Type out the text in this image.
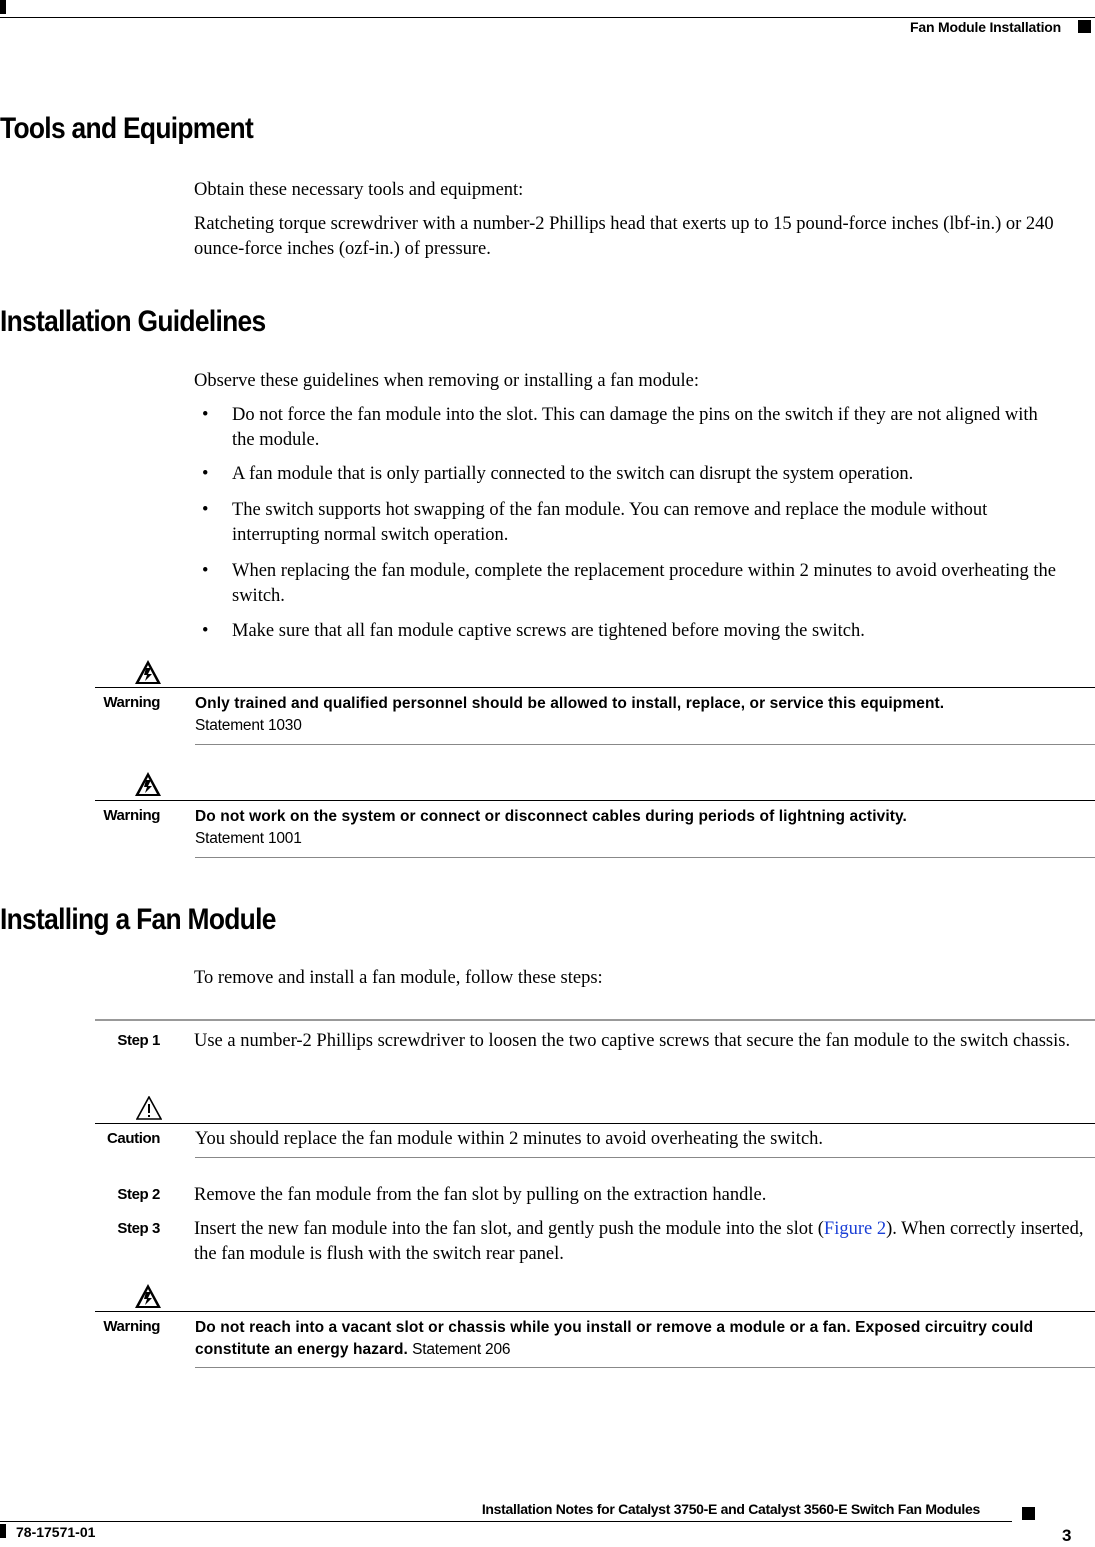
Fan Module Installation
Tools and Equipment
Obtain these necessary tools and equipment:
Ratcheting torque screwdriver with a number-2 Phillips head that exerts up to 15 pound-force inches (lbf-in.) or 240 ounce-force inches (ozf-in.) of pressure.
Installation Guidelines
Observe these guidelines when removing or installing a fan module:
• Do not force the fan module into the slot. This can damage the pins on the switch if they are not aligned with the module.
• A fan module that is only partially connected to the switch can disrupt the system operation.
• The switch supports hot swapping of the fan module. You can remove and replace the module without interrupting normal switch operation.
• When replacing the fan module, complete the replacement procedure within 2 minutes to avoid overheating the switch.
• Make sure that all fan module captive screws are tightened before moving the switch.
Warning Only trained and qualified personnel should be allowed to install, replace, or service this equipment.
Statement 1030
Warning Do not work on the system or connect or disconnect cables during periods of lightning activity.
Statement 1001
Installing a Fan Module
To remove and install a fan module, follow these steps:
Step 1 Use a number-2 Phillips screwdriver to loosen the two captive screws that secure the fan module to the switch chassis.
Caution You should replace the fan module within 2 minutes to avoid overheating the switch.
Step 2 Remove the fan module from the fan slot by pulling on the extraction handle.
Step 3 Insert the new fan module into the fan slot, and gently push the module into the slot (Figure 2). When correctly inserted, the fan module is flush with the switch rear panel.
Warning Do not reach into a vacant slot or chassis while you install or remove a module or a fan. Exposed circuitry could constitute an energy hazard. Statement 206
Installation Notes for Catalyst 3750-E and Catalyst 3560-E Switch Fan Modules
78-17571-01	3
